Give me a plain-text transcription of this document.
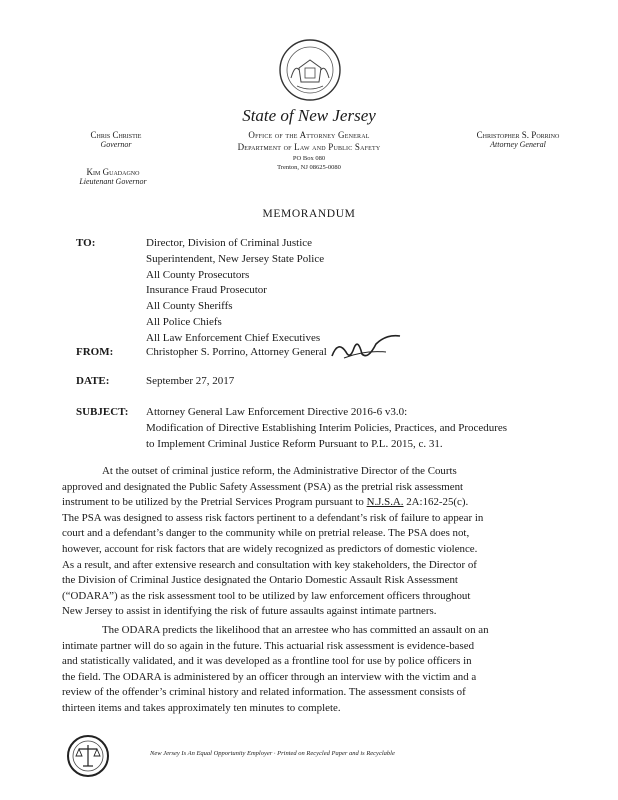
State of New Jersey
Office of the Attorney General
Department of Law and Public Safety
PO Box 080
Trenton, NJ 08625-0080
Chris Christie
Governor
Kim Guadagno
Lieutenant Governor
Christopher S. Porrino
Attorney General
MEMORANDUM
TO:	Director, Division of Criminal Justice
Superintendent, New Jersey State Police
All County Prosecutors
Insurance Fraud Prosecutor
All County Sheriffs
All Police Chiefs
All Law Enforcement Chief Executives
FROM:	Christopher S. Porrino, Attorney General
DATE:	September 27, 2017
SUBJECT: Attorney General Law Enforcement Directive 2016-6 v3.0:
Modification of Directive Establishing Interim Policies, Practices, and Procedures
to Implement Criminal Justice Reform Pursuant to P.L. 2015, c. 31.
At the outset of criminal justice reform, the Administrative Director of the Courts
approved and designated the Public Safety Assessment (PSA) as the pretrial risk assessment
instrument to be utilized by the Pretrial Services Program pursuant to N.J.S.A. 2A:162-25(c).
The PSA was designed to assess risk factors pertinent to a defendant’s risk of failure to appear in
court and a defendant’s danger to the community while on pretrial release. The PSA does not,
however, account for risk factors that are widely recognized as predictors of domestic violence.
As a result, and after extensive research and consultation with key stakeholders, the Director of
the Division of Criminal Justice designated the Ontario Domestic Assault Risk Assessment
(“ODARA”) as the risk assessment tool to be utilized by law enforcement officers throughout
New Jersey to assist in identifying the risk of future assaults against intimate partners.
The ODARA predicts the likelihood that an arrestee who has committed an assault on an
intimate partner will do so again in the future. This actuarial risk assessment is evidence-based
and statistically validated, and it was developed as a frontline tool for use by police officers in
the field. The ODARA is administered by an officer through an interview with the victim and a
review of the offender’s criminal history and related information. The assessment consists of
thirteen items and takes approximately ten minutes to complete.
New Jersey Is An Equal Opportunity Employer · Printed on Recycled Paper and is Recyclable
